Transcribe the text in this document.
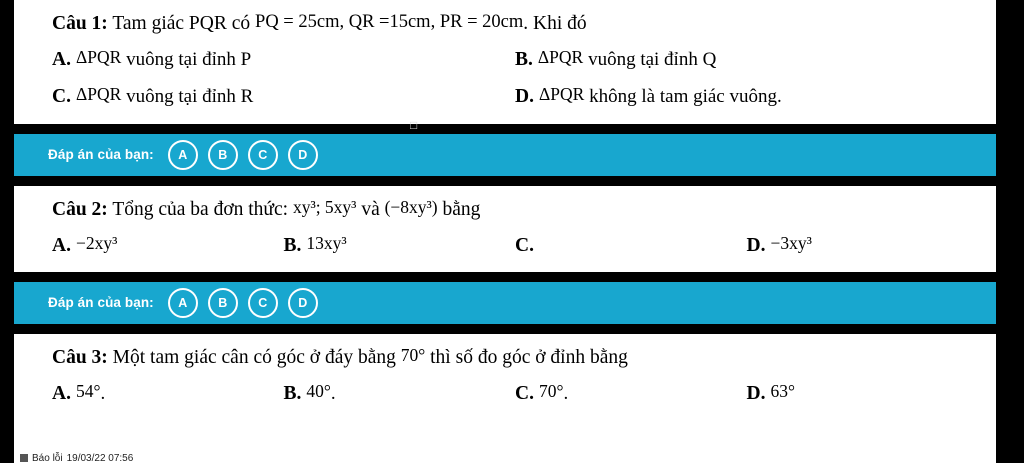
Câu 1: Tam giác PQR có PQ = 25cm, QR =15cm, PR = 20cm. Khi đó
A. ΔPQR vuông tại đỉnh P	B. ΔPQR vuông tại đỉnh Q
C. ΔPQR vuông tại đỉnh R	D. ΔPQR không là tam giác vuông.
Đáp án của bạn:	A	B	C	D
Câu 2: Tổng của ba đơn thức: xy³; 5xy³ và (−8xy³) bằng
A. −2xy³	B. 13xy³	C.	D. −3xy³
Đáp án của bạn:	A	B	C	D
Câu 3: Một tam giác cân có góc ở đáy bằng 70° thì số đo góc ở đỉnh bằng
A. 54°.	B. 40°.	C. 70°.	D. 63°
□
Báo lỗi 19/03/22 07:56
